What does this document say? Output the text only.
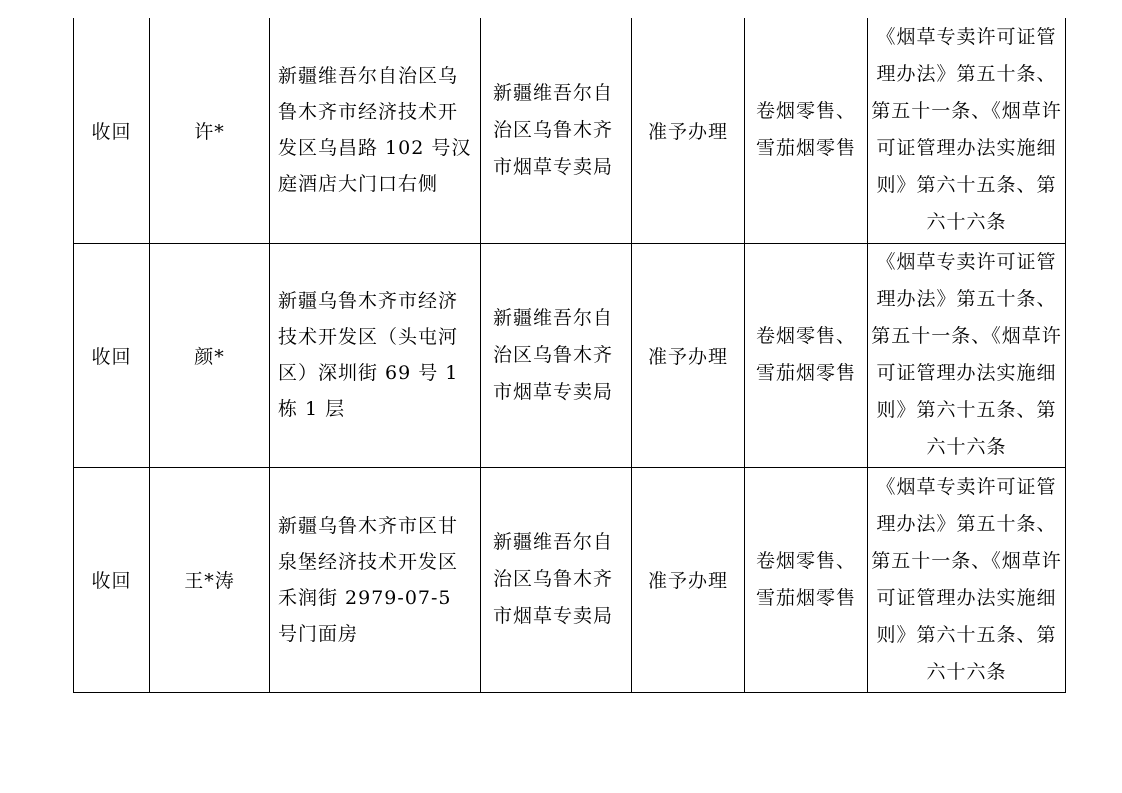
收回	许*	新疆维吾尔自治区乌鲁木齐市经济技术开发区乌昌路 102 号汉庭酒店大门口右侧	新疆维吾尔自治区乌鲁木齐市烟草专卖局	准予办理	卷烟零售、雪茄烟零售	《烟草专卖许可证管理办法》第五十条、第五十一条、《烟草许可证管理办法实施细则》第六十五条、第六十六条
收回	颜*	新疆乌鲁木齐市经济技术开发区（头屯河区）深圳街 69 号 1 栋 1 层	新疆维吾尔自治区乌鲁木齐市烟草专卖局	准予办理	卷烟零售、雪茄烟零售	《烟草专卖许可证管理办法》第五十条、第五十一条、《烟草许可证管理办法实施细则》第六十五条、第六十六条
收回	王*涛	新疆乌鲁木齐市区甘泉堡经济技术开发区禾润街 2979-07-5 号门面房	新疆维吾尔自治区乌鲁木齐市烟草专卖局	准予办理	卷烟零售、雪茄烟零售	《烟草专卖许可证管理办法》第五十条、第五十一条、《烟草许可证管理办法实施细则》第六十五条、第六十六条
